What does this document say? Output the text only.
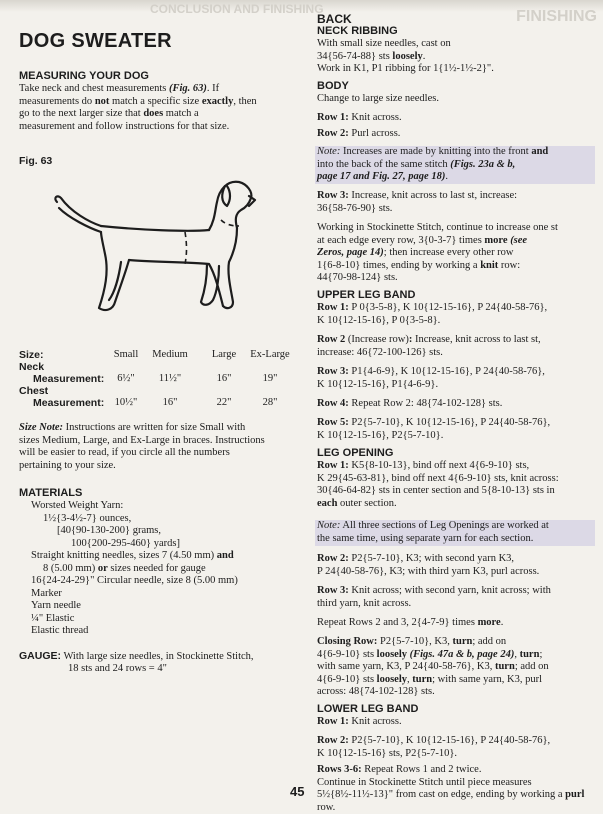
CONCLUSION AND FINISHING	FINISHING
DOG SWEATER
MEASURING YOUR DOG
Take neck and chest measurements (Fig. 63). If
measurements do not match a specific size exactly, then
go to the next larger size that does match a
measurement and follow instructions for that size.
Fig. 63
Size:	Small	Medium	Large	Ex-Large
Neck
Measurement:	6½"	11½"	16"	19"
Chest
Measurement: 10½"	16"	22"	28"
Size Note: Instructions are written for size Small with
sizes Medium, Large, and Ex-Large in braces. Instructions
will be easier to read, if you circle all the numbers
pertaining to your size.
MATERIALS
Worsted Weight Yarn:
1½{3-4½-7} ounces,
[40{90-130-200} grams,
100{200-295-460} yards]
Straight knitting needles, sizes 7 (4.50 mm) and
8 (5.00 mm) or sizes needed for gauge
16{24-24-29}" Circular needle, size 8 (5.00 mm)
Marker
Yarn needle
¼" Elastic
Elastic thread
GAUGE: With large size needles, in Stockinette Stitch,
18 sts and 24 rows = 4"
BACK
NECK RIBBING
With small size needles, cast on
34{56-74-88} sts loosely.
Work in K1, P1 ribbing for 1{1½-1½-2}".
BODY
Change to large size needles.
Row 1: Knit across.
Row 2: Purl across.
Note: Increases are made by knitting into the front and
into the back of the same stitch (Figs. 23a & b,
page 17 and Fig. 27, page 18).
Row 3: Increase, knit across to last st, increase:
36{58-76-90} sts.
Working in Stockinette Stitch, continue to increase one st
at each edge every row, 3{0-3-7} times more (see
Zeros, page 14); then increase every other row
1{6-8-10} times, ending by working a knit row:
44{70-98-124} sts.
UPPER LEG BAND
Row 1: P 0{3-5-8}, K 10{12-15-16}, P 24{40-58-76},
K 10{12-15-16}, P 0{3-5-8}.
Row 2 (Increase row): Increase, knit across to last st,
increase: 46{72-100-126} sts.
Row 3: P1{4-6-9}, K 10{12-15-16}, P 24{40-58-76},
K 10{12-15-16}, P1{4-6-9}.
Row 4: Repeat Row 2: 48{74-102-128} sts.
Row 5: P2{5-7-10}, K 10{12-15-16}, P 24{40-58-76},
K 10{12-15-16}, P2{5-7-10}.
LEG OPENING
Row 1: K5{8-10-13}, bind off next 4{6-9-10} sts,
K 29{45-63-81}, bind off next 4{6-9-10} sts, knit across:
30{46-64-82} sts in center section and 5{8-10-13} sts in
each outer section.
Note: All three sections of Leg Openings are worked at
the same time, using separate yarn for each section.
Row 2: P2{5-7-10}, K3; with second yarn K3,
P 24{40-58-76}, K3; with third yarn K3, purl across.
Row 3: Knit across; with second yarn, knit across; with
third yarn, knit across.
Repeat Rows 2 and 3, 2{4-7-9} times more.
Closing Row: P2{5-7-10}, K3, turn; add on
4{6-9-10} sts loosely (Figs. 47a & b, page 24), turn;
with same yarn, K3, P 24{40-58-76}, K3, turn; add on
4{6-9-10} sts loosely, turn; with same yarn, K3, purl
across: 48{74-102-128} sts.
LOWER LEG BAND
Row 1: Knit across.
Row 2: P2{5-7-10}, K 10{12-15-16}, P 24{40-58-76},
K 10{12-15-16} sts, P2{5-7-10}.
Rows 3-6: Repeat Rows 1 and 2 twice.
Continue in Stockinette Stitch until piece measures
5½{8½-11½-13}" from cast on edge, ending by working a purl row.
45
